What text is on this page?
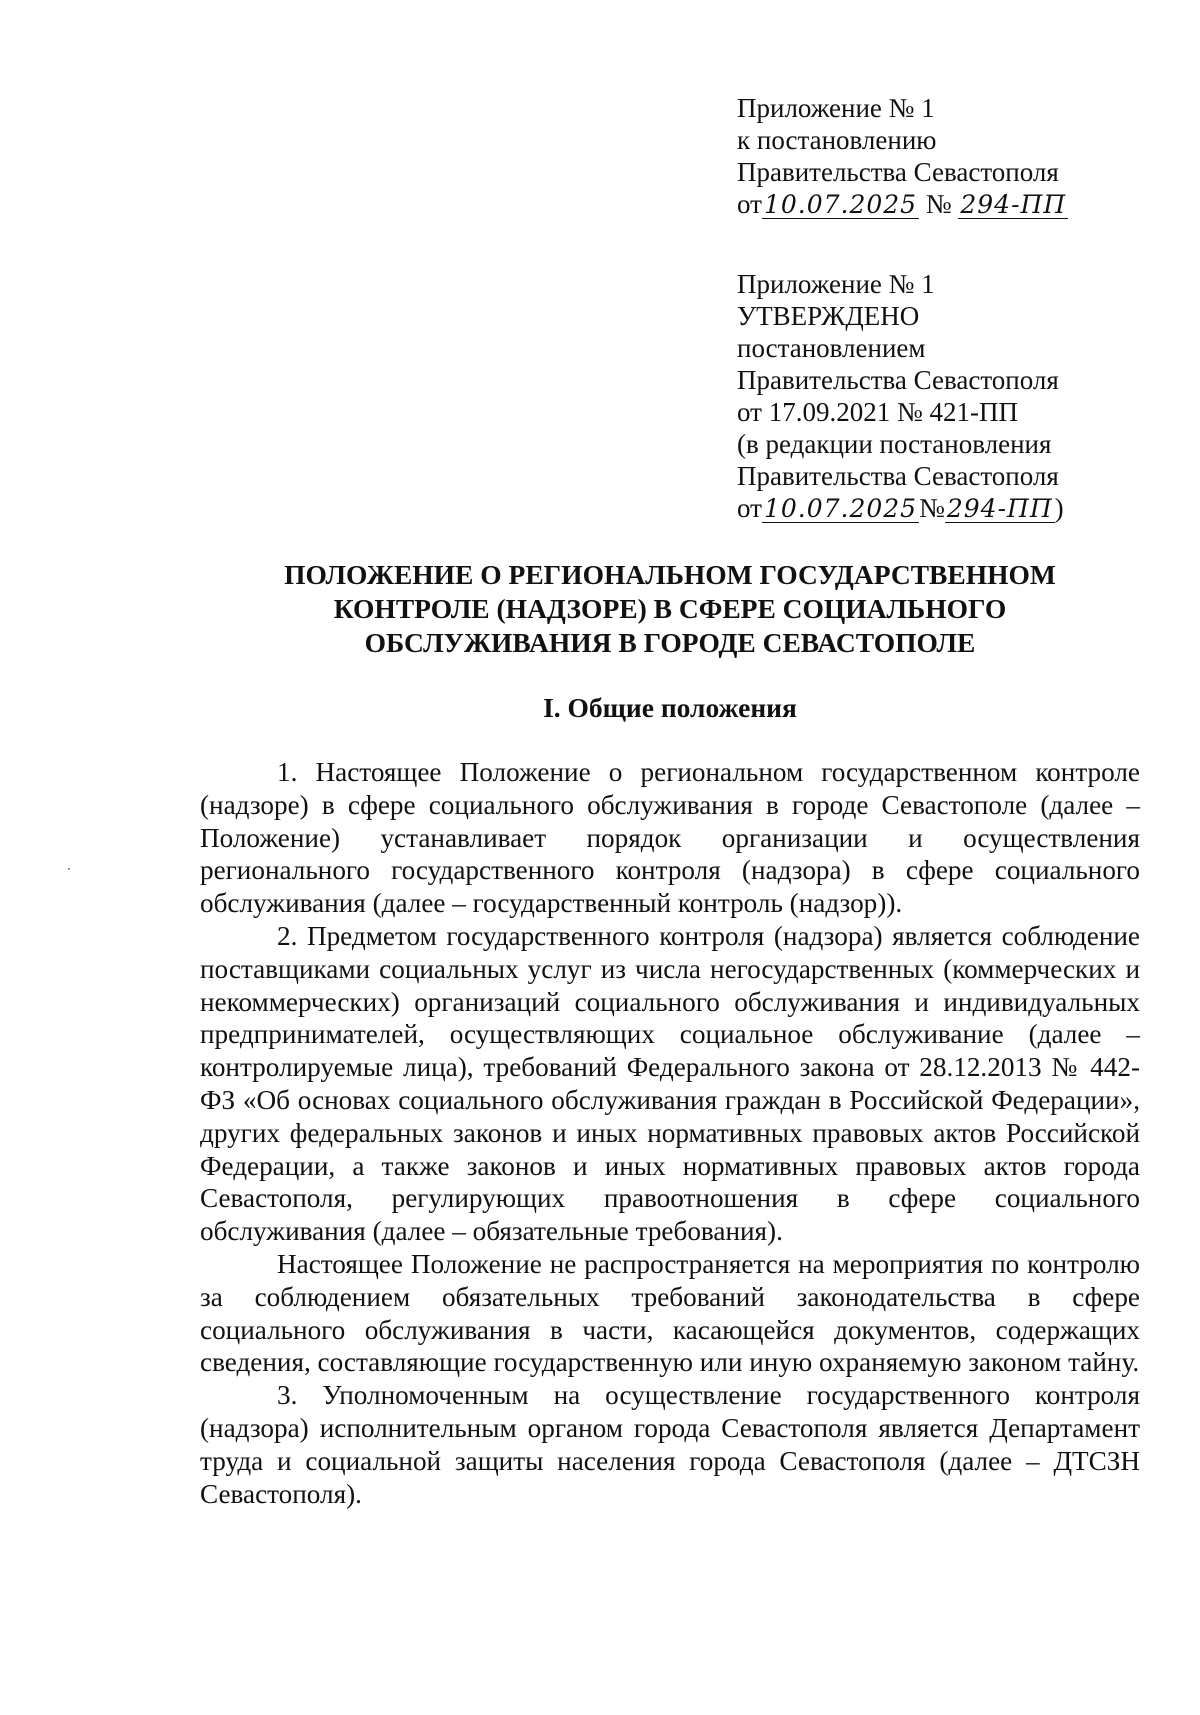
Приложение № 1
к постановлению
Правительства Севастополя
от10.07.2025 № 294-ПП
Приложение № 1
УТВЕРЖДЕНО
постановлением
Правительства Севастополя
от 17.09.2021 № 421-ПП
(в редакции постановления
Правительства Севастополя
от10.07.2025№294-ПП)
ПОЛОЖЕНИЕ О РЕГИОНАЛЬНОМ ГОСУДАРСТВЕННОМ
КОНТРОЛЕ (НАДЗОРЕ) В СФЕРЕ СОЦИАЛЬНОГО
ОБСЛУЖИВАНИЯ В ГОРОДЕ СЕВАСТОПОЛЕ
I. Общие положения

1. Настоящее Положение о региональном государственном контроле (надзоре) в сфере социального обслуживания в городе Севастополе (далее – Положение) устанавливает порядок организации и осуществления регионального государственного контроля (надзора) в сфере социального обслуживания (далее – государственный контроль (надзор)).

2. Предметом государственного контроля (надзора) является соблюдение поставщиками социальных услуг из числа негосударственных (коммерческих и некоммерческих) организаций социального обслуживания и индивидуальных предпринимателей, осуществляющих социальное обслуживание (далее – контролируемые лица), требований Федерального закона от 28.12.2013 № 442-ФЗ «Об основах социального обслуживания граждан в Российской Федерации», других федеральных законов и иных нормативных правовых актов Российской Федерации, а также законов и иных нормативных правовых актов города Севастополя, регулирующих правоотношения в сфере социального обслуживания (далее – обязательные требования).

Настоящее Положение не распространяется на мероприятия по контролю за соблюдением обязательных требований законодательства в сфере социального обслуживания в части, касающейся документов, содержащих сведения, составляющие государственную или иную охраняемую законом тайну.

3. Уполномоченным на осуществление государственного контроля (надзора) исполнительным органом города Севастополя является Департамент труда и социальной защиты населения города Севастополя (далее – ДТСЗН Севастополя).
